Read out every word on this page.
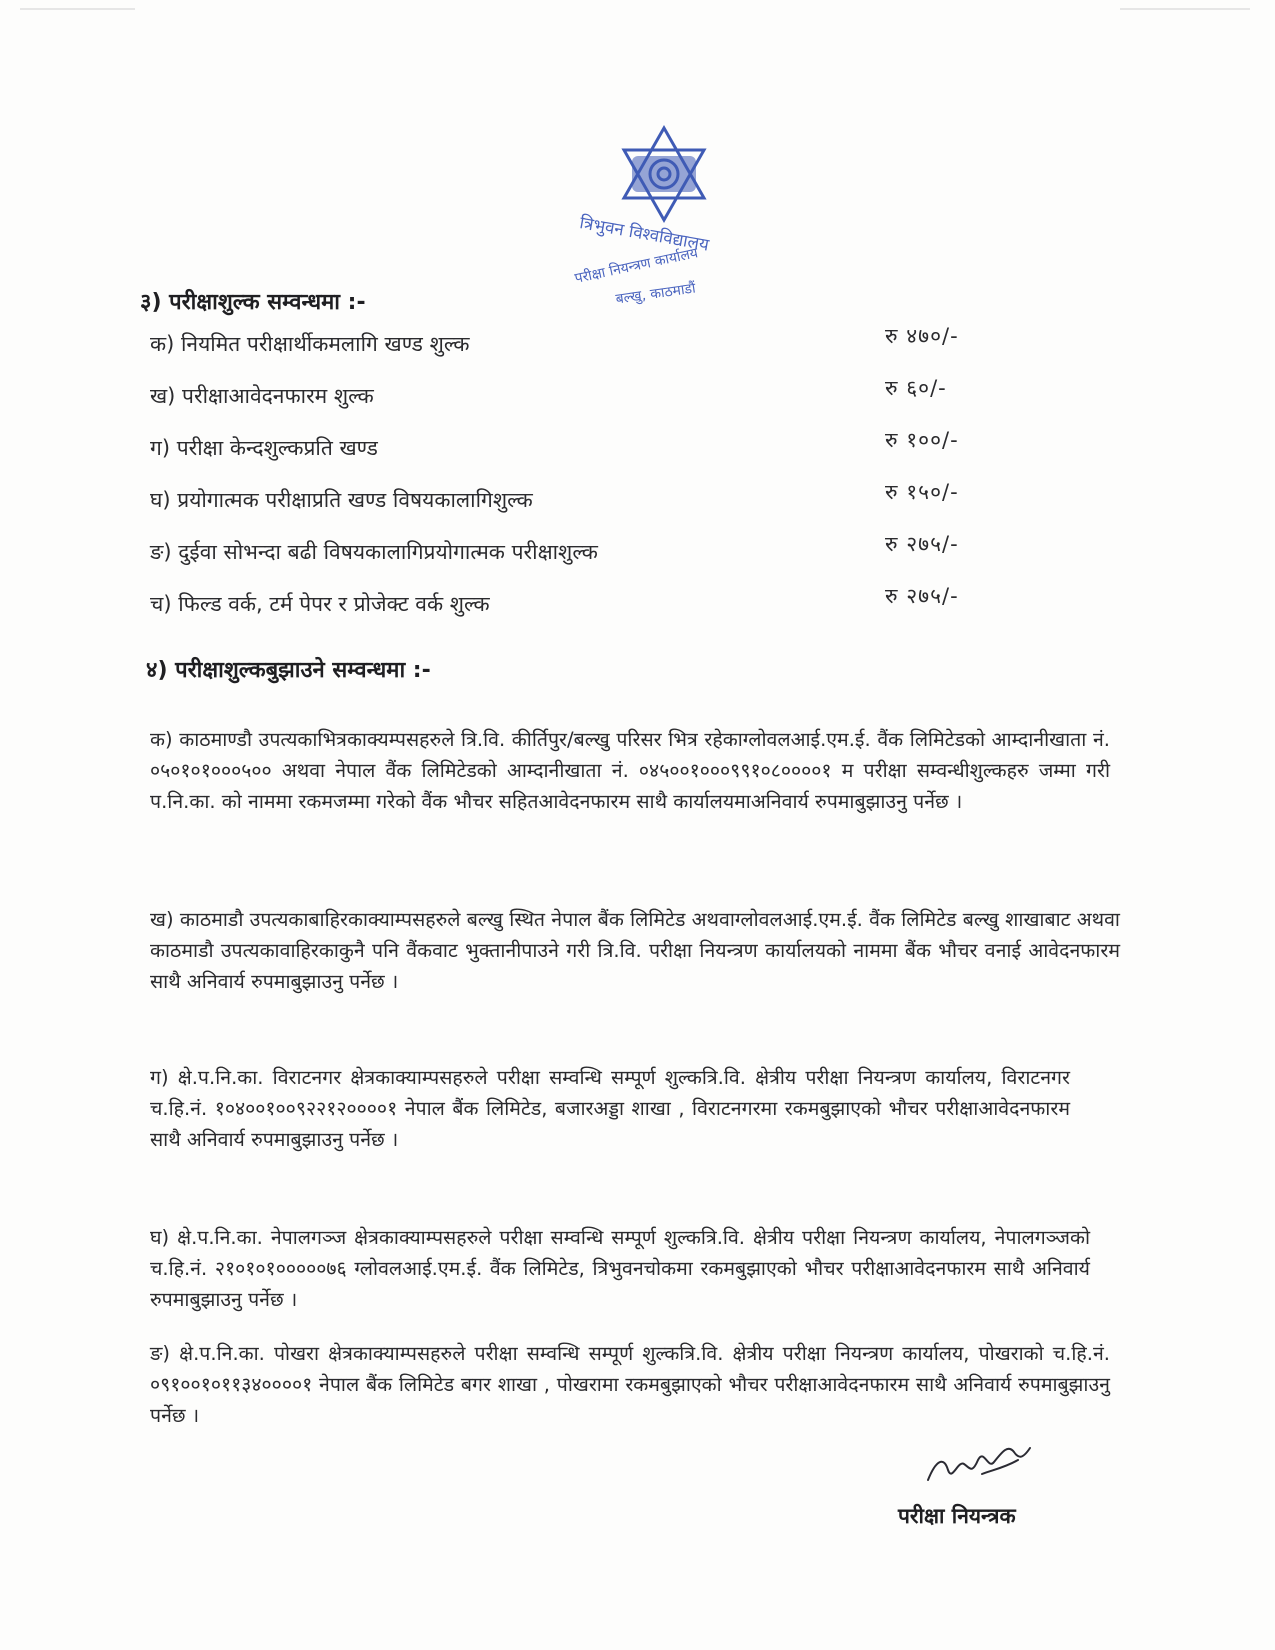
त्रिभुवन विश्वविद्यालय
परीक्षा नियन्त्रण कार्यालय
बल्खु, काठमाडौं
३) परीक्षाशुल्क सम्वन्धमा :-
क) नियमित परीक्षार्थीकमलागि खण्ड शुल्क	रु ४७०/-
ख) परीक्षाआवेदनफारम शुल्क	रु ६०/-
ग) परीक्षा केन्दशुल्कप्रति खण्ड	रु १००/-
घ) प्रयोगात्मक परीक्षाप्रति खण्ड विषयकालागिशुल्क	रु १५०/-
ङ) दुईवा सोभन्दा बढी विषयकालागिप्रयोगात्मक परीक्षाशुल्क	रु २७५/-
च) फिल्ड वर्क, टर्म पेपर र प्रोजेक्ट वर्क शुल्क	रु २७५/-
४) परीक्षाशुल्कबुझाउने सम्वन्धमा :-

क) काठमाण्डौ उपत्यकाभित्रकाक्यम्पसहरुले त्रि.वि. कीर्तिपुर/बल्खु परिसर भित्र रहेकाग्लोवलआई.एम.ई. वैंक लिमिटेडको आम्दानीखाता नं. ०५०१०१०००५०० अथवा नेपाल वैंक लिमिटेडको आम्दानीखाता नं. ०४५००१०००९९१०८००००१ म परीक्षा सम्वन्धीशुल्कहरु जम्मा गरी प.नि.का. को नाममा रकमजम्मा गरेको वैंक भौचर सहितआवेदनफारम साथै कार्यालयमाअनिवार्य रुपमाबुझाउनु पर्नेछ ।

ख) काठमाडौ उपत्यकाबाहिरकाक्याम्पसहरुले बल्खु स्थित नेपाल बैंक लिमिटेड अथवाग्लोवलआई.एम.ई. वैंक लिमिटेड बल्खु शाखाबाट अथवा काठमाडौ उपत्यकावाहिरकाकुनै पनि वैंकवाट भुक्तानीपाउने गरी त्रि.वि. परीक्षा नियन्त्रण कार्यालयको नाममा बैंक भौचर वनाई आवेदनफारम साथै अनिवार्य रुपमाबुझाउनु पर्नेछ ।

ग) क्षे.प.नि.का. विराटनगर क्षेत्रकाक्याम्पसहरुले परीक्षा सम्वन्धि सम्पूर्ण शुल्कत्रि.वि. क्षेत्रीय परीक्षा नियन्त्रण कार्यालय, विराटनगर च.हि.नं. १०४००१००९२२१२००००१ नेपाल बैंक लिमिटेड, बजारअड्डा शाखा , विराटनगरमा रकमबुझाएको भौचर परीक्षाआवेदनफारम साथै अनिवार्य रुपमाबुझाउनु पर्नेछ ।

घ) क्षे.प.नि.का. नेपालगञ्ज क्षेत्रकाक्याम्पसहरुले परीक्षा सम्वन्धि सम्पूर्ण शुल्कत्रि.वि. क्षेत्रीय परीक्षा नियन्त्रण कार्यालय, नेपालगञ्जको च.हि.नं. २१०१०१०००००७६ ग्लोवलआई.एम.ई. वैंक लिमिटेड, त्रिभुवनचोकमा रकमबुझाएको भौचर परीक्षाआवेदनफारम साथै अनिवार्य रुपमाबुझाउनु पर्नेछ ।

ङ) क्षे.प.नि.का. पोखरा क्षेत्रकाक्याम्पसहरुले परीक्षा सम्वन्धि सम्पूर्ण शुल्कत्रि.वि. क्षेत्रीय परीक्षा नियन्त्रण कार्यालय, पोखराको च.हि.नं. ०९१००१०११३४००००१ नेपाल बैंक लिमिटेड बगर शाखा , पोखरामा रकमबुझाएको भौचर परीक्षाआवेदनफारम साथै अनिवार्य रुपमाबुझाउनु पर्नेछ ।

परीक्षा नियन्त्रक
